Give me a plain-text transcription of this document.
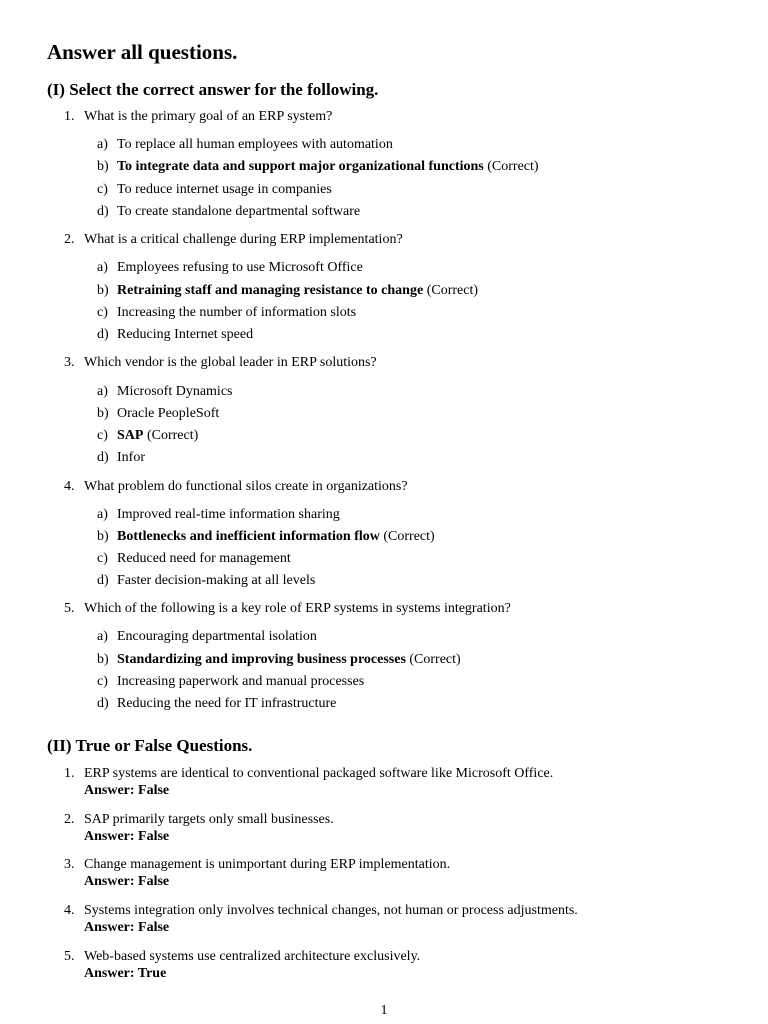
Answer all questions.
(I) Select the correct answer for the following.
1. What is the primary goal of an ERP system?
a) To replace all human employees with automation
b) To integrate data and support major organizational functions (Correct)
c) To reduce internet usage in companies
d) To create standalone departmental software
2. What is a critical challenge during ERP implementation?
a) Employees refusing to use Microsoft Office
b) Retraining staff and managing resistance to change (Correct)
c) Increasing the number of information slots
d) Reducing Internet speed
3. Which vendor is the global leader in ERP solutions?
a) Microsoft Dynamics
b) Oracle PeopleSoft
c) SAP (Correct)
d) Infor
4. What problem do functional silos create in organizations?
a) Improved real-time information sharing
b) Bottlenecks and inefficient information flow (Correct)
c) Reduced need for management
d) Faster decision-making at all levels
5. Which of the following is a key role of ERP systems in systems integration?
a) Encouraging departmental isolation
b) Standardizing and improving business processes (Correct)
c) Increasing paperwork and manual processes
d) Reducing the need for IT infrastructure
(II) True or False Questions.
1. ERP systems are identical to conventional packaged software like Microsoft Office.
Answer: False
2. SAP primarily targets only small businesses.
Answer: False
3. Change management is unimportant during ERP implementation.
Answer: False
4. Systems integration only involves technical changes, not human or process adjustments.
Answer: False
5. Web-based systems use centralized architecture exclusively.
Answer: True
1
